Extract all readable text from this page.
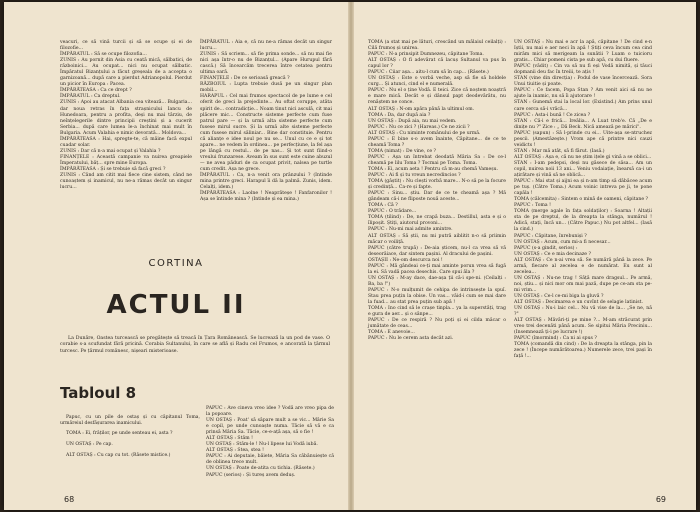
veacuri, ce să vină turcii și să se ocupe și ei de filozofie...

ÎMPĂRATUL : Să se ocupe filozofia...

ZUNIS : Au pornit din Asia cu ceată mică, sălbatici, de războinici... Au ocupat... nici nu ocupat sălbatic. Împăratul Bizanțului a făcut greșeala de a accepta o garnizoană... după care a pierdut Adrianopolul. Pierdut un picior în Europa : Pacea.

ÎMPĂRĂTEASA : Ca ce drept ?

ÎMPĂRATUL : Ca dreptul.

ZUNIS : Apoi au atacat Albania cea vitează... Bulgaria... dar noua retras în fața strașnicului Iancu de Hunedoara, pentru a profita, deși nu mai târziu, de neînțelegerile dintre principii creștini și a cucerit Serbia... după care lumea le-a închinat mai mult în Bulgaria. Acum Valahia e nimic devorată... Moldova...

ÎMPĂRĂTEASA : Hai, spregte-te, că mâine facă expul cuadar solar.

ZUNIS : Dar că n-a mai ocupat și Valahia ?

FINANȚELE : Această campanie va nuirea greapiele Împeratului, băț... spre mine Europa.

ÎMPĂRĂTEASA : Și se trebuie să facă greci ?

ZUNIS : Când am citit mai fiece cine sistem, când ne cunoaștem și inamicul, nu ne-a rămas decât un singur lucru...

ÎMPĂRATUL : Aia e, că nu ne-a rămas decât un singur lucru...

ZUNIS : Să scriem... să fie prima sonde... să nu mai fie nici așa într-o nu de Bizanțul... (Apare Hurupul fără cască.) Să încearcăm trecerea între cetatea pentru ultima oară.

FINANȚELE : De ce serioasă greacă ?

RĂZBOIUL : Lupta trebuie dusă pe un singur plan mobil...

HARAPUL : Cel mai frumos spectacol de pe lume e cel oferit de greci la prejedinte... Au oftat coruppe, atâta spirit de... contradicție... Noam tinut nici asculă, cit mai plăcere mic... Constructe sisteme perfecte cum fuse patrul pare — și la urmă alta sisteme perfecte cum fusese mirul sucre. Și la urmă alte sisteme perfecte cum fusese mirul săliniar... Bine dar constituie. Pentru că alianțe e idee noul pe nu se... Unul cu ce e și tot apare... ne vedem în ordinea... pe perfecțiune, la fel așa pe lângă cu restul... de pe nas... Și tot sunt fiind-o vreului frunzarese. Aveam în sus sunt este cuine abuzul — ne avea păduri de ca ocupat privit, nalsea pe turtle cum credit. Așa ne grece.

ÎMPĂRATUL : Ca, n-a venit ora prânzului ? (Intinde mina printre greci. Harapul îi dă la palmă. Zunis, idem. Celalți, idem.)

ÎMPĂRĂTEASA : Laolne ! Neaprăteșe ! Fanfaronilor ! Așa se întinde mina ? (Intinde și ea mina.)

CORTINA
ACTUL II
La Dunăre, Oastea turcească se pregătește să treacă în Țara Românească. Se lucrează la un pod de vase. O corabie s-a scufundat fără pricină. Corabia Sultanului, în care se află și Radu cel Frumos, e ancorată la țărmul turcesc. Pe țărmul românesc, nișeari misterioase.
Tabloul 8

Papuc, cu un pile de ostaș și cu căpitanul Toma, urmăreiul desfășurarea inamicului.

TOMA : Ei, frăților, pe unde senteau ei, asta ?

UN OSTAȘ : Pe cap.

ALT OSTAȘ : Cu cap cu tot. (Râsete mistice.)

PAPUC : Ave cineva vreo idee ? Vodă are vreo pipa de la popoare.

UN OSTAȘ : Poat' să săpare mult a se vic... Mărie Sa e copil, pe unde cunoaște numa. Tăcie să vă e ca prinsă Măria Sa. Tăcie, ce-e-ață așa, să o fie !

ALT OSTAȘ : Stăm !

UN OSTAȘ : Stăm-le ! Nu-l lipese lui Vodă iubă.

ALT OSTAȘ : Stea, stea !

PAPUC : Ai deputaie, băiete, Măria Sa căbănuiește că de oblinea trece mult.

UN OSTAȘ : Poate de-atita cu tichia. (Râsete.)

PAPUC (serios) : Și tureș avem deduș.

68

TOMA (a stat mai pe lături, crescând un mălaiul ceilalți) : Cilă frumoș și unirea.

PAPUC : N-a prinsipit Dumnezeu, căpitane Toma.

ALT OSTAȘ : O fi adevărat că lacuș Sultanul va pus în capul lor ?

PAPUC : Ciiar așa... aitu-l cum să în cap... (Râsete.)

UN OSTAȘ : Este o vorbă veche, asp să fie să holdele curg... Și atunci, cind el e numerală.

PAPUC : Nu el o ține Vodă. E teici. Zice că noștem noaștră e mare mică. Decât e și dânsul papt deodevărătu, nu renăștem ne conce.

ALT OSTAȘ : N-om apăra până la ultimul om.

TOMA : Da, dar după aia ?

UN OSTAȘ : După aia, nu mai vedem.

PAPUC : Nu ce zici ? (Hareas.) Ce ne zicii ?

ALT OSTAȘ : Cu niminte românului de pe urmă.

PAPUC : E bine s-o avem înainte, Căpitane... de ce te cheamă Toma ?

TOMA (nimat) : De vine, ce ?

PAPUC : Așa un întrebat deodată Măria Sa : De ce-l cheamă pe lilu Toma ? Tocmai pe Toma. Toma.

TOMA : Ei, acum aeta ! Pentru că m-au chemă Vameșu.

PAPUC : Ai fi și tu vreun necredincios ?

TOMA (gâștit) : Nu clești vorbă mare... N-o să pe la focure și credință... Ca-re și fapte.

PAPUC : Sinu... știu. Dar de ce te cheamă așa ? Mă gândeam că-i ne fliposte nouă aceste...

TOMA : Că ?

PAPUC : O trădare...

TOMA (tilind) : De, ne crapă buza... Destillul, asta e și o îlipoșit. Știți, aiutorul provoni...

PAPUC : Nu-mi mai admite amintre.

ALT OSTAȘ : Să știi, nu mi putră aiblitit n-o să priimin măcar o voiliță.

PAPUC (către trupă) : De-aia șticem, nu-l ca vrea să vă deseorăiace, dar sintem pașini. Al dracului de pașini.

OSTAȘII : Ne-om descurca noi !

PAPUC : Mă gândeai ce-ți mai aminte porun vrea să fugă la ei. Să vadă pacea desechis. Care spui ăla ?

UN OSTAȘ : M-ay dace, dae-așa ții că-i spe-ni. (Ceilalți : Ba, ba !")

PAPUC : N-o mulțumit de cehipa de intrinsește la spuî. Stau prea puțin la obise. Un vas... văid-i cum se mai dare la fuad... au stat prea puțin sub apă !

TOMA : Ino cind să le crașe tinpla... ya la superstăți, trag e gura de aer... și o sănpe...

PAPUC : De ce respiră ? Nu poți și ei cilda măcar o jumătate de ceas...

TOMA : E anevoie...

PAPUC : Nu le cerem asta decât azi.

UN OSTAȘ : Nu mai e acr la apă, căpitane ! De cind e-n Iștii, nu mai e aer neci în apă ! Știți ceva încum cea cind mirăm mici să merigeam la sunâtii ? Luam o tuicioru gratis... Chiar pomeni cista pe sub apă, cu dui fluere.

PAPUC (vădit) : Cin va să nu fi eși Vodă nimită, și tăuci dopmanii deu fac în treiii, te ațis !

STAN (vine din direcția) : Podul de vase încercează. Sora Unui tiuitie și poate.

PAPUC : Ce facem, Popa Stan ? Am venit aici să nu ne ajute la inamic, nu să îi ajutorare !

STAN : Gunemă stai la local lor. (Existind.) Am prins unul care cerca să-i vrăcă...

PAPUC : Asta-i bună ! Ce zicea ?

STAN : Că-i e frică... Ireălia... A Luat treb'e. Că „De e dinițe nu ?" Zice : „ Dă Beck. Nică amează pe mărici".

PAPUC (sapun) : Să l-prinde cu ei... Uite-așa se-ntruchez pescii. (Amestăzește.) Vrom ape că printre nici cauzi veidicts !

STAN : Mar mă atât, să fi fărut. (Iasă.)

ALT OSTAȘ : Așa e, că nu ne știm ițele gi vină a se oblici...

STAN : I-am pedepsi, deși nu găsece de săsa... Am un copil, nuirea noii 13 ani... Veniu vodaiație, înearsă ca-i un ațirâtare și vină să ne oblică...

PAPUC : Mai stat și aijni ea și n-am timp să dăbăcee acum pe tuș. (Către Toma.) Acum voinic intreva pe ji, te pone capăla !

TOMA (călcemita) : Sintem o mină de oameni, căpitane ?

PAPUC : Toma !

TOMA (merge agale în fața soldaților) : Soarna ! Altații sta de pe dreptul, de la dreapta la stânga, numărul ! Adică, stați, încă un... (Către Papuc.) Nu pot altfel... (Iasă la cind.)

PAPUC : Căpitane, înrebuniși ?

UN OSTAȘ : Acum, cum mi-a fi necesar...

PAPUC (s-a gindit, serios) :

UN OSTAȘ : Ce e mia decinaze ?

ALT OSTAȘ : Ce n-ai vrea să. Se numără până la zece. Pe armă, fiecare al zecelea e de numărat. Eu sunt al zecelea...

UN OSTAȘ : Nu-ne trag ! Săță mare dragsul... Pe armă, noi, știu... și nici mor om mai pază, dupe pe ce-am sta pe-mi vrim...

UN OSTAȘ : Ce-l ce-mi biga la gluvă ?

ALT OSTAȘ : Decimarea e un cuvînt de selagie latinist.

UN OSTAȘ : Nu-i laic cel… Nu vă vise de la... „Se ne, nă ?"

ALT OSTAȘ : Mâvări-ți pe mine ?... M-am străcurat prin vreo trei decenăti până acum. Se sipitui Măria Preciniu... (Insemnează ți-i pe lucrare !)

PAPUC (îmormind) : Ca ni ai spus ?

TOMA (comandă din cind) : De la dreapta la stânga, pin la zece ! (Începe numărătoarea.) Numerele zece, trei pași în față !...

69
